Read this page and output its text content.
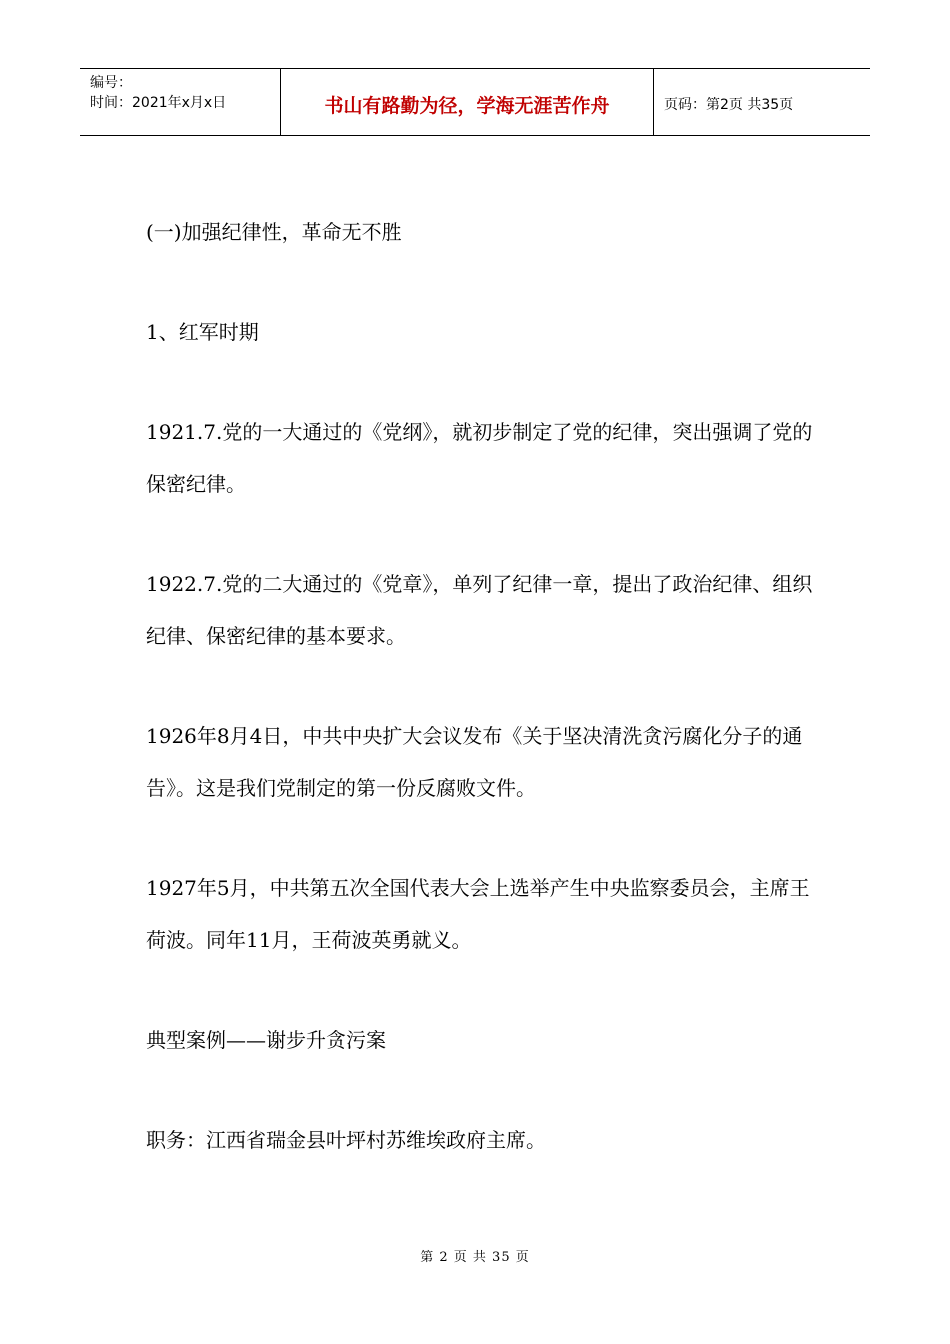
编号：
时间：2021年x月x日	书山有路勤为径，学海无涯苦作舟	页码：第2页 共35页

(一)加强纪律性，革命无不胜

1、红军时期

1921.7.党的一大通过的《党纲》，就初步制定了党的纪律，突出强调了党的保密纪律。

1922.7.党的二大通过的《党章》，单列了纪律一章，提出了政治纪律、组织纪律、保密纪律的基本要求。

1926年8月4日，中共中央扩大会议发布《关于坚决清洗贪污腐化分子的通告》。这是我们党制定的第一份反腐败文件。

1927年5月，中共第五次全国代表大会上选举产生中央监察委员会，主席王荷波。同年11月，王荷波英勇就义。

典型案例——谢步升贪污案

职务：江西省瑞金县叶坪村苏维埃政府主席。

第 2 页 共 35 页
